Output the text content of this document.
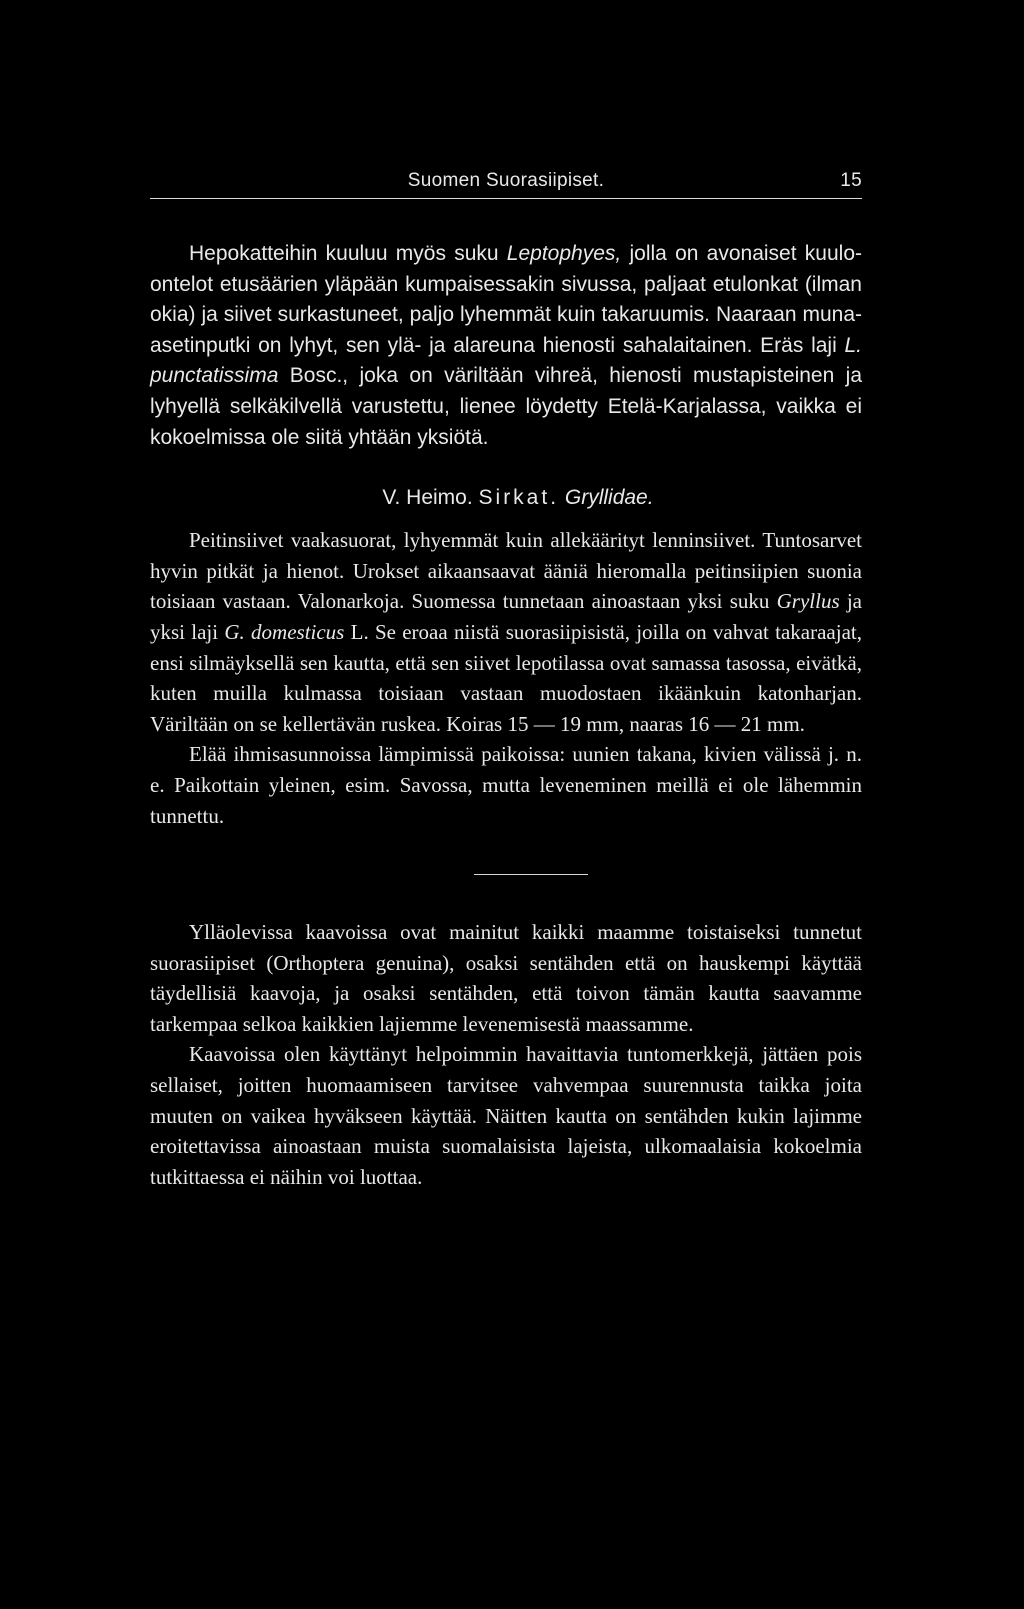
Suomen Suorasiipiset.	15

Hepokatteihin kuuluu myös suku Leptophyes, jolla on avonaiset kuulo-ontelot etusäärien yläpään kumpaisessakin sivussa, paljaat etulonkat (ilman okia) ja siivet surkastuneet, paljo lyhemmät kuin takaruumis. Naaraan muna-asetinputki on lyhyt, sen ylä- ja alareuna hienosti sahalaitainen. Eräs laji L. punctatissima Bosc., joka on väriltään vihreä, hienosti mustapisteinen ja lyhyellä selkäkilvellä varustettu, lienee löydetty Etelä-Karjalassa, vaikka ei kokoelmissa ole siitä yhtään yksiötä.

V. Heimo. Sirkat. Gryllidae.

Peitinsiivet vaakasuorat, lyhyemmät kuin allekäärityt lenninsiivet. Tuntosarvet hyvin pitkät ja hienot. Urokset aikaansaavat ääniä hieromalla peitinsiipien suonia toisiaan vastaan. Valonarkoja. Suomessa tunnetaan ainoastaan yksi suku Gryllus ja yksi laji G. domesticus L. Se eroaa niistä suorasiipisistä, joilla on vahvat takaraajat, ensi silmäyksellä sen kautta, että sen siivet lepotilassa ovat samassa tasossa, eivätkä, kuten muilla kulmassa toisiaan vastaan muodostaen ikäänkuin katonharjan. Väriltään on se kellertävän ruskea. Koiras 15 — 19 mm, naaras 16 — 21 mm.

Elää ihmisasunnoissa lämpimissä paikoissa: uunien takana, kivien välissä j. n. e. Paikottain yleinen, esim. Savossa, mutta leveneminen meillä ei ole lähemmin tunnettu.

Ylläolevissa kaavoissa ovat mainitut kaikki maamme toistaiseksi tunnetut suorasiipiset (Orthoptera genuina), osaksi sentähden että on hauskempi käyttää täydellisiä kaavoja, ja osaksi sentähden, että toivon tämän kautta saavamme tarkempaa selkoa kaikkien lajiemme levenemisestä maassamme.

Kaavoissa olen käyttänyt helpoimmin havaittavia tuntomerkkejä, jättäen pois sellaiset, joitten huomaamiseen tarvitsee vahvempaa suurennusta taikka joita muuten on vaikea hyväkseen käyttää. Näitten kautta on sentähden kukin lajimme eroitettavissa ainoastaan muista suomalaisista lajeista, ulkomaalaisia kokoelmia tutkittaessa ei näihin voi luottaa.
